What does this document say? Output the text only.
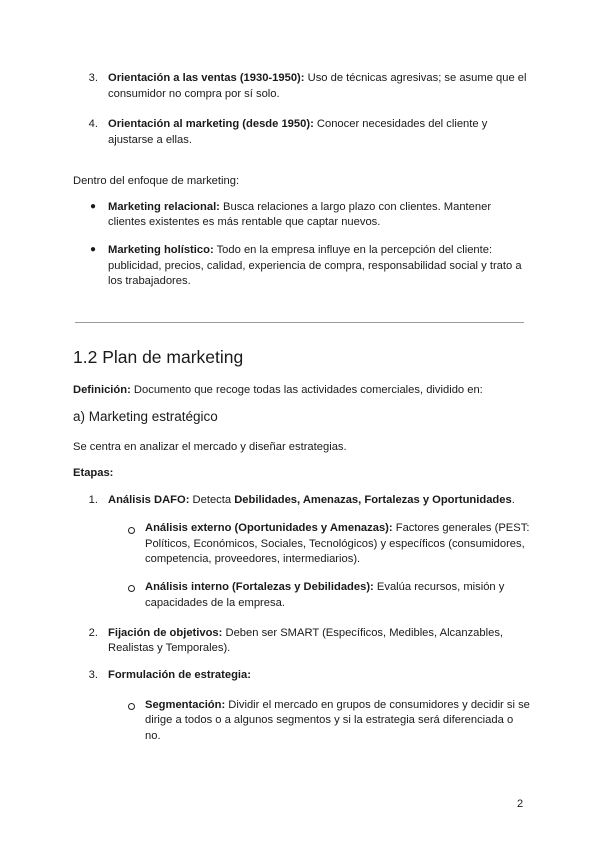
3. Orientación a las ventas (1930-1950): Uso de técnicas agresivas; se asume que el

consumidor no compra por sí solo.

4. Orientación al marketing (desde 1950): Conocer necesidades del cliente y

ajustarse a ellas.

Dentro del enfoque de marketing:

● Marketing relacional: Busca relaciones a largo plazo con clientes. Mantener

clientes existentes es más rentable que captar nuevos.

● Marketing holístico: Todo en la empresa influye en la percepción del cliente:

publicidad, precios, calidad, experiencia de compra, responsabilidad social y trato a

los trabajadores.

1.2 Plan de marketing

Definición: Documento que recoge todas las actividades comerciales, dividido en:

a) Marketing estratégico

Se centra en analizar el mercado y diseñar estrategias.

Etapas:

1. Análisis DAFO: Detecta Debilidades, Amenazas, Fortalezas y Oportunidades.

Análisis externo (Oportunidades y Amenazas): Factores generales (PEST:

Políticos, Económicos, Sociales, Tecnológicos) y específicos (consumidores,

competencia, proveedores, intermediarios).

Análisis interno (Fortalezas y Debilidades): Evalúa recursos, misión y

capacidades de la empresa.

2. Fijación de objetivos: Deben ser SMART (Específicos, Medibles, Alcanzables,

Realistas y Temporales).

3. Formulación de estrategia:

Segmentación: Dividir el mercado en grupos de consumidores y decidir si se

dirige a todos o a algunos segmentos y si la estrategia será diferenciada o

no.

2
